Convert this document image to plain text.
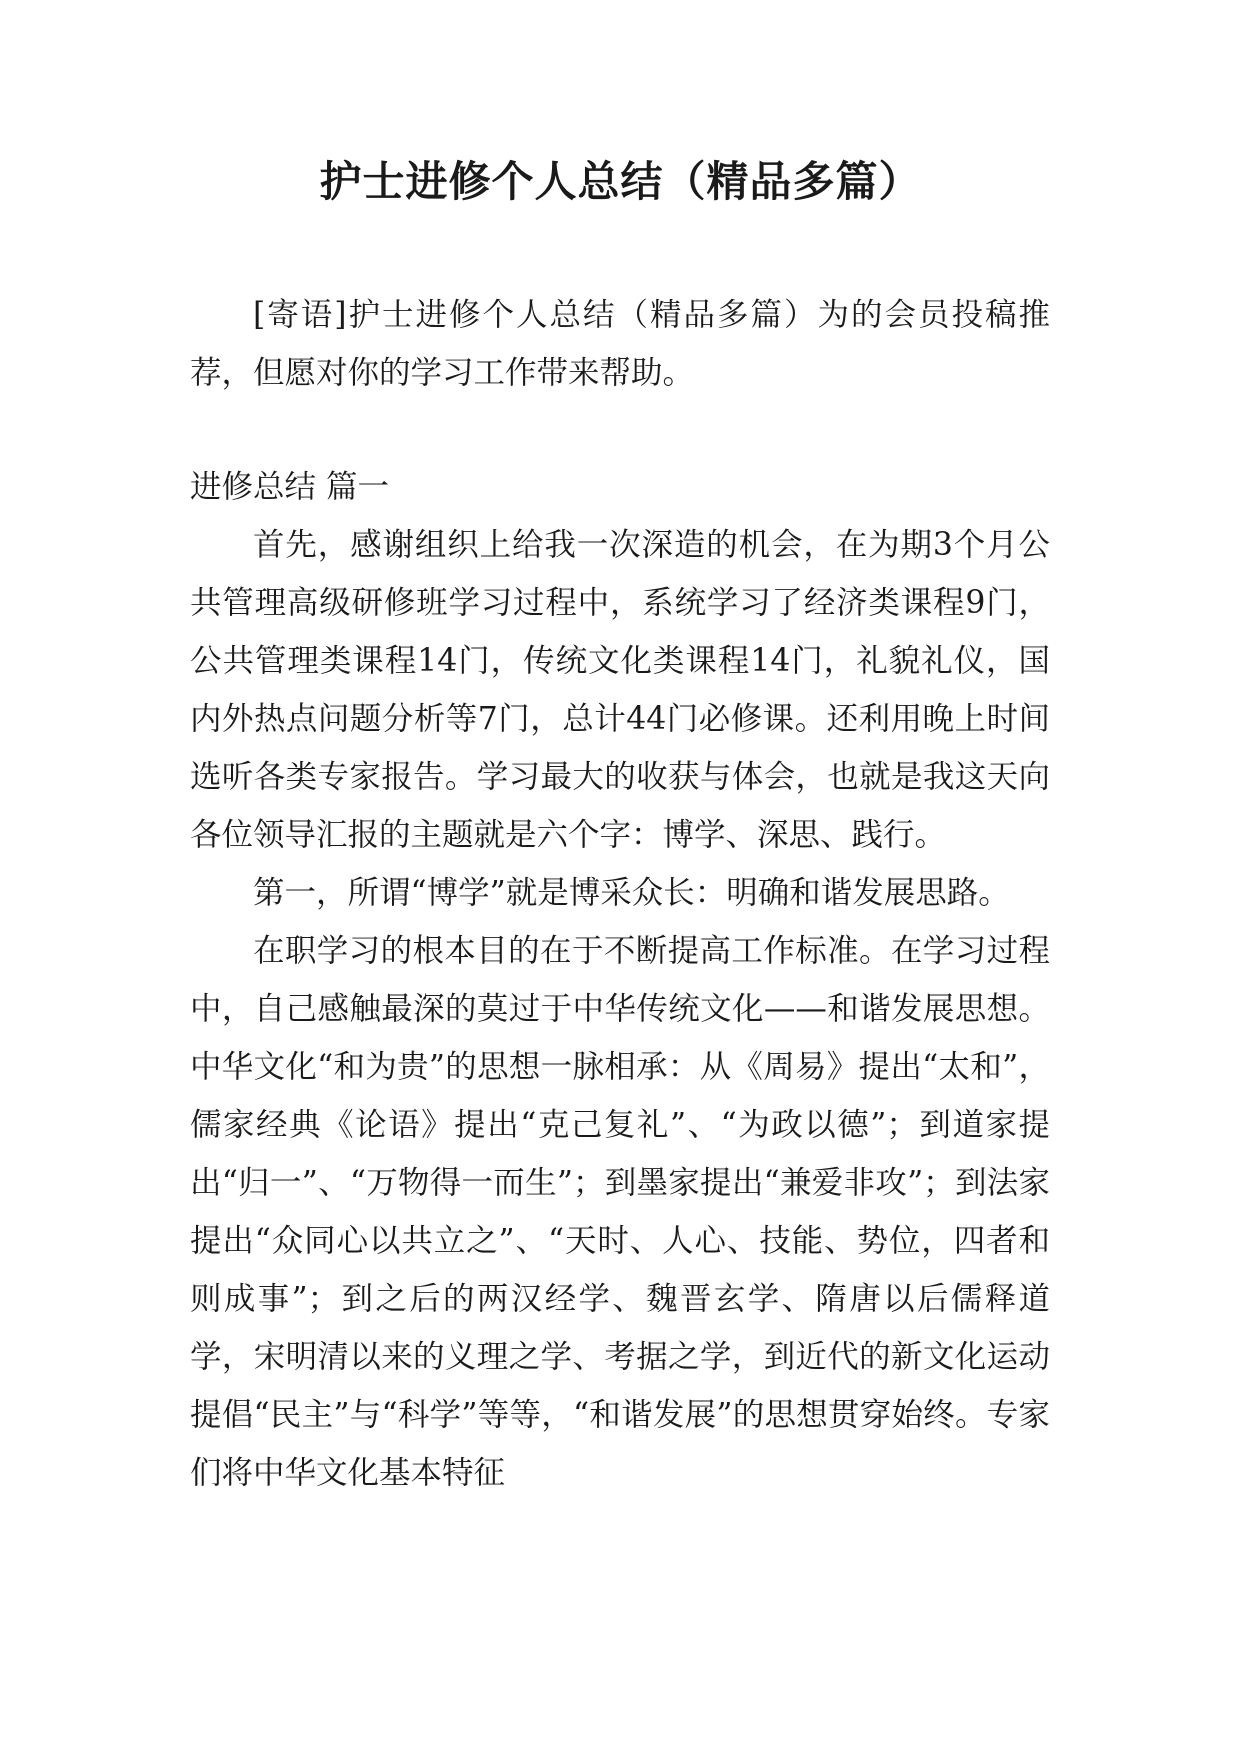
护士进修个人总结（精品多篇）

[寄语]护士进修个人总结（精品多篇）为的会员投稿推荐，但愿对你的学习工作带来帮助。

进修总结 篇一

首先，感谢组织上给我一次深造的机会，在为期3个月公共管理高级研修班学习过程中，系统学习了经济类课程9门，公共管理类课程14门，传统文化类课程14门，礼貌礼仪，国内外热点问题分析等7门，总计44门必修课。还利用晚上时间选听各类专家报告。学习最大的收获与体会，也就是我这天向各位领导汇报的主题就是六个字：博学、深思、践行。

第一，所谓“博学”就是博采众长：明确和谐发展思路。

在职学习的根本目的在于不断提高工作标准。在学习过程中，自己感触最深的莫过于中华传统文化——和谐发展思想。中华文化“和为贵”的思想一脉相承：从《周易》提出“太和”，儒家经典《论语》提出“克己复礼”、“为政以德”；到道家提出“归一”、“万物得一而生”；到墨家提出“兼爱非攻”；到法家提出“众同心以共立之”、“天时、人心、技能、势位，四者和则成事”；到之后的两汉经学、魏晋玄学、隋唐以后儒释道学，宋明清以来的义理之学、考据之学，到近代的新文化运动提倡“民主”与“科学”等等，“和谐发展”的思想贯穿始终。专家们将中华文化基本特征
